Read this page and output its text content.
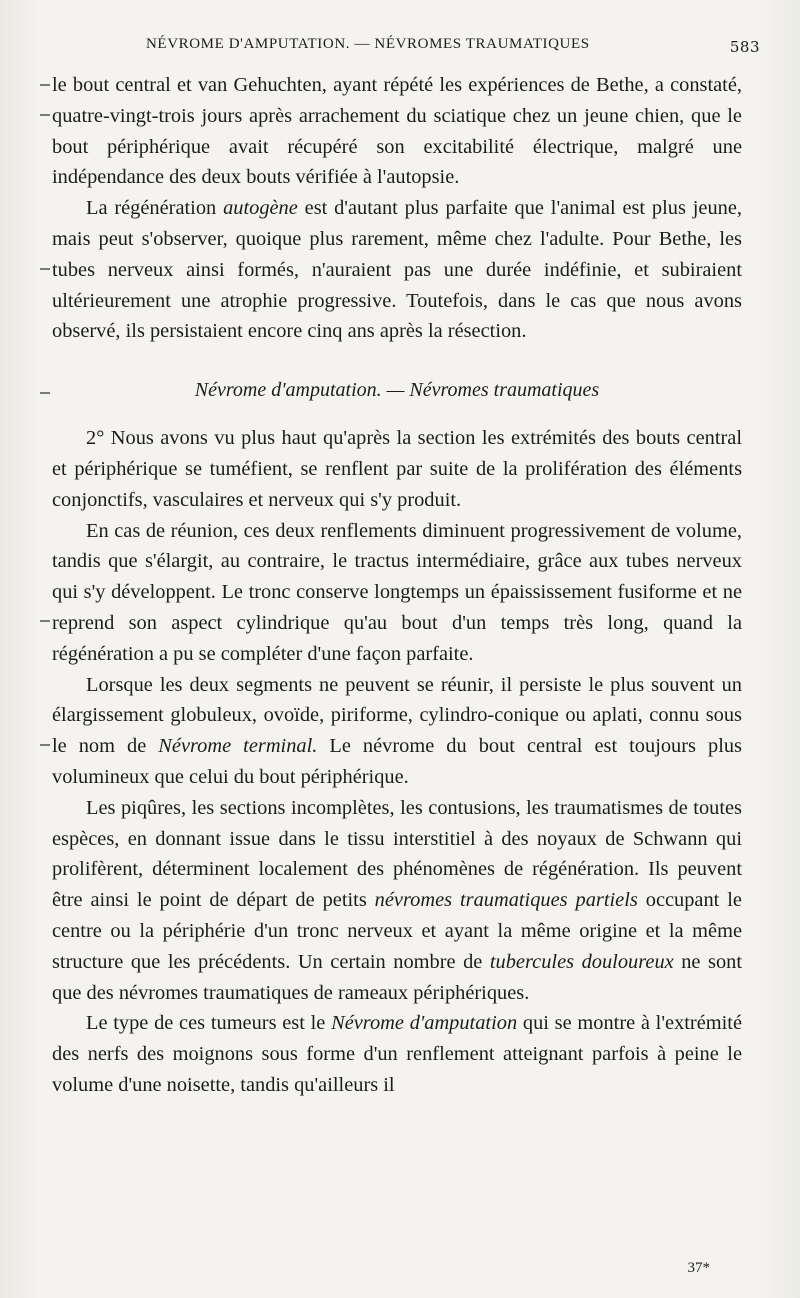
NÉVROME D'AMPUTATION. — NÉVROMES TRAUMATIQUES	583

le bout central et van Gehuchten, ayant répété les expériences de Bethe, a constaté, quatre-vingt-trois jours après arrachement du sciatique chez un jeune chien, que le bout périphérique avait récupéré son excitabilité électrique, malgré une indépendance des deux bouts vérifiée à l'autopsie.

La régénération autogène est d'autant plus parfaite que l'animal est plus jeune, mais peut s'observer, quoique plus rarement, même chez l'adulte. Pour Bethe, les tubes nerveux ainsi formés, n'auraient pas une durée indéfinie, et subiraient ultérieurement une atrophie progressive. Toutefois, dans le cas que nous avons observé, ils persistaient encore cinq ans après la résection.

Névrome d'amputation. — Névromes traumatiques

2° Nous avons vu plus haut qu'après la section les extrémités des bouts central et périphérique se tuméfient, se renflent par suite de la prolifération des éléments conjonctifs, vasculaires et nerveux qui s'y produit.

En cas de réunion, ces deux renflements diminuent progressivement de volume, tandis que s'élargit, au contraire, le tractus intermédiaire, grâce aux tubes nerveux qui s'y développent. Le tronc conserve longtemps un épaississement fusiforme et ne reprend son aspect cylindrique qu'au bout d'un temps très long, quand la régénération a pu se compléter d'une façon parfaite.

Lorsque les deux segments ne peuvent se réunir, il persiste le plus souvent un élargissement globuleux, ovoïde, piriforme, cylindro-conique ou aplati, connu sous le nom de Névrome terminal. Le névrome du bout central est toujours plus volumineux que celui du bout périphérique.

Les piqûres, les sections incomplètes, les contusions, les traumatismes de toutes espèces, en donnant issue dans le tissu interstitiel à des noyaux de Schwann qui prolifèrent, déterminent localement des phénomènes de régénération. Ils peuvent être ainsi le point de départ de petits névromes traumatiques partiels occupant le centre ou la périphérie d'un tronc nerveux et ayant la même origine et la même structure que les précédents. Un certain nombre de tubercules douloureux ne sont que des névromes traumatiques de rameaux périphériques.

Le type de ces tumeurs est le Névrome d'amputation qui se montre à l'extrémité des nerfs des moignons sous forme d'un renflement atteignant parfois à peine le volume d'une noisette, tandis qu'ailleurs il

37*
